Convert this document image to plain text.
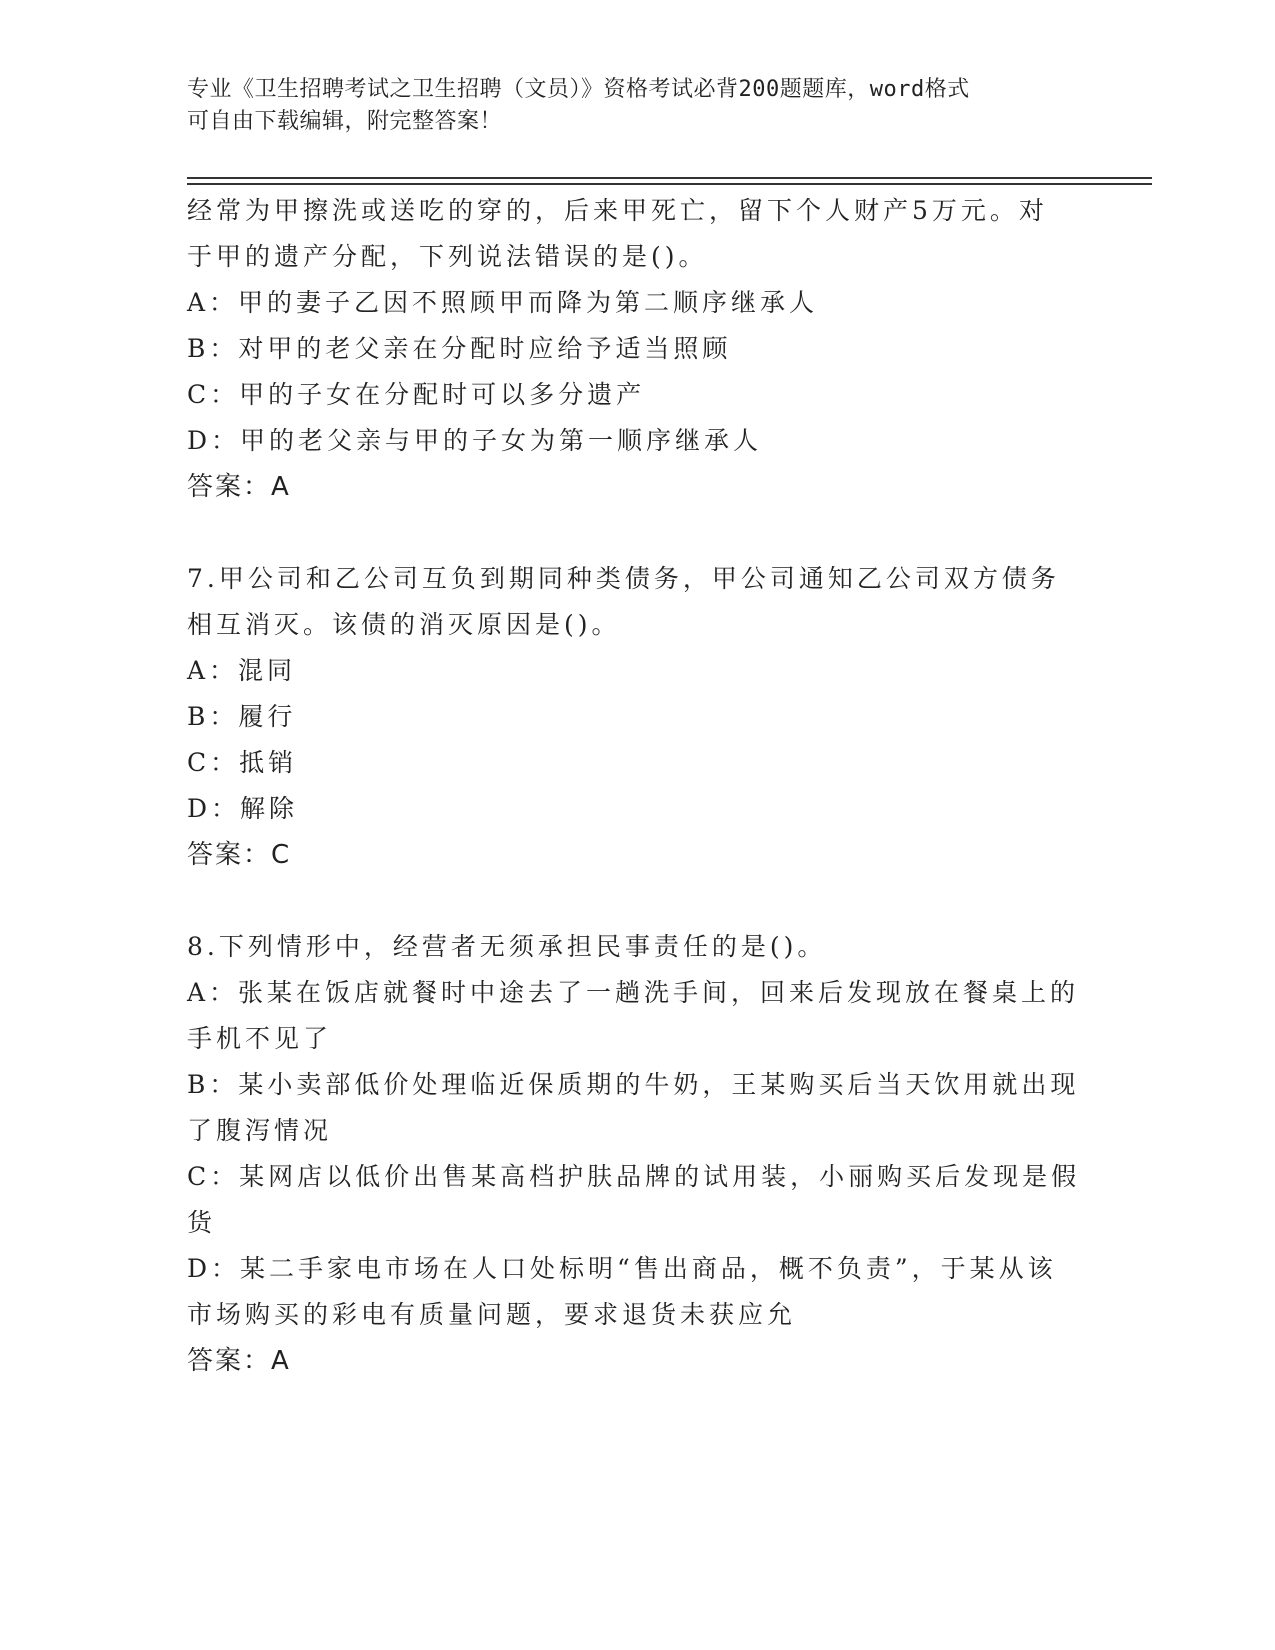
专业《卫生招聘考试之卫生招聘（文员）》资格考试必背200题题库，word格式
可自由下载编辑，附完整答案！
经常为甲擦洗或送吃的穿的，后来甲死亡，留下个人财产5万元。对
于甲的遗产分配，下列说法错误的是()。
A：甲的妻子乙因不照顾甲而降为第二顺序继承人
B：对甲的老父亲在分配时应给予适当照顾
C：甲的子女在分配时可以多分遗产
D：甲的老父亲与甲的子女为第一顺序继承人
答案：A
7.甲公司和乙公司互负到期同种类债务，甲公司通知乙公司双方债务
相互消灭。该债的消灭原因是()。
A：混同
B：履行
C：抵销
D：解除
答案：C
8.下列情形中，经营者无须承担民事责任的是()。
A：张某在饭店就餐时中途去了一趟洗手间，回来后发现放在餐桌上的
手机不见了
B：某小卖部低价处理临近保质期的牛奶，王某购买后当天饮用就出现
了腹泻情况
C：某网店以低价出售某高档护肤品牌的试用装，小丽购买后发现是假
货
D：某二手家电市场在人口处标明“售出商品，概不负责”，于某从该
市场购买的彩电有质量问题，要求退货未获应允
答案：A
